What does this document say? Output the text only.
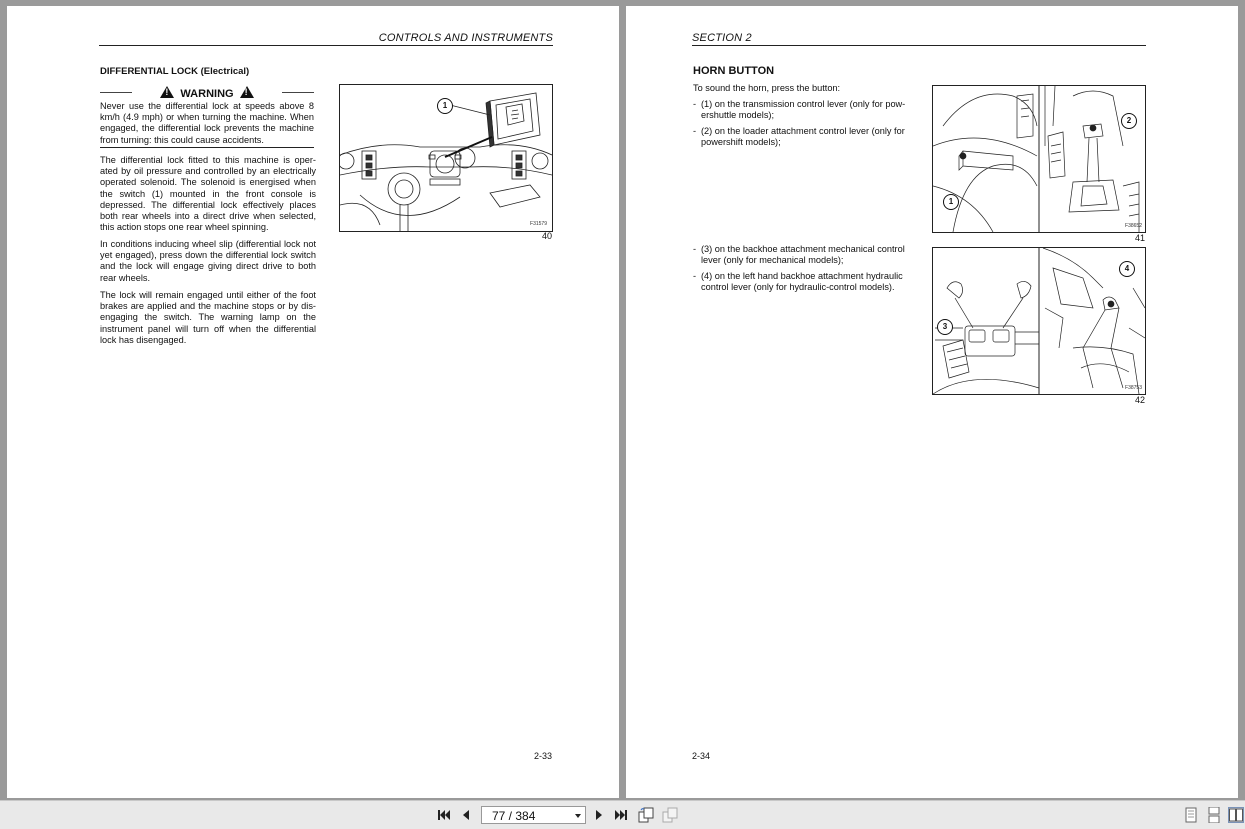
CONTROLS AND INSTRUMENTS
DIFFERENTIAL LOCK (Electrical)
! WARNING !
Never use the differential lock at speeds above 8 km/h (4.9 mph) or when turning the machine. When engaged, the differential lock prevents the machine from turning: this could cause accidents.
The differential lock fitted to this machine is oper-ated by oil pressure and controlled by an electrically operated solenoid. The solenoid is energised when the switch (1) mounted in the front console is depressed. The differential lock effectively places both rear wheels into a direct drive when selected, this action stops one rear wheel spinning.
In conditions inducing wheel slip (differential lock not yet engaged), press down the differential lock switch and the lock will engage giving direct drive to both rear wheels.
The lock will remain engaged until either of the foot brakes are applied and the machine stops or by dis-engaging the switch. The warning lamp on the instrument panel will turn off when the differential lock has disengaged.
1
F31579
40
2-33
SECTION 2
HORN BUTTON
To sound the horn, press the button:
- (1) on the transmission control lever (only for pow-ershuttle models);
- (2) on the loader attachment control lever (only for powershift models);
- (3) on the backhoe attachment mechanical control lever (only for mechanical models);
- (4) on the left hand backhoe attachment hydraulic control lever (only for hydraulic-control models).
1
2
F38652
41
3
4
F38753
42
2-34
77 / 384
